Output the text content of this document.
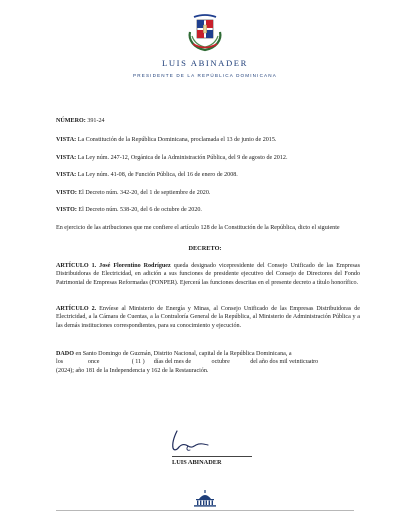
LUIS ABINADER
PRESIDENTE DE LA REPÚBLICA DOMINICANA
NÚMERO: 391-24
VISTA: La Constitución de la República Dominicana, proclamada el 13 de junio de 2015.
VISTA: La Ley núm. 247-12, Orgánica de la Administración Pública, del 9 de agosto de 2012.
VISTA: La Ley núm. 41-08, de Función Pública, del 16 de enero de 2008.
VISTO: El Decreto núm. 342-20, del 1 de septiembre de 2020.
VISTO: El Decreto núm. 538-20, del 6 de octubre de 2020.
En ejercicio de las atribuciones que me confiere el artículo 128 de la Constitución de la República, dicto el siguiente
DECRETO:
ARTÍCULO 1. José Florentino Rodríguez queda designado vicepresidente del Consejo Unificado de las Empresas Distribuidoras de Electricidad, en adición a sus funciones de presidente ejecutivo del Consejo de Directores del Fondo Patrimonial de Empresas Reformadas (FONPER). Ejercerá las funciones descritas en el presente decreto a título honorífico.
ARTÍCULO 2. Envíese al Ministerio de Energía y Minas, al Consejo Unificado de las Empresas Distribuidoras de Electricidad, a la Cámara de Cuentas, a la Contraloría General de la República, al Ministerio de Administración Pública y a las demás instituciones correspondientes, para su conocimiento y ejecución.
DADO en Santo Domingo de Guzmán, Distrito Nacional, capital de la República Dominicana, a
los	once	( 11 ) días del mes de	octubre	del año dos mil veinticuatro
(2024); año 181 de la Independencia y 162 de la Restauración.
LUIS ABINADER
